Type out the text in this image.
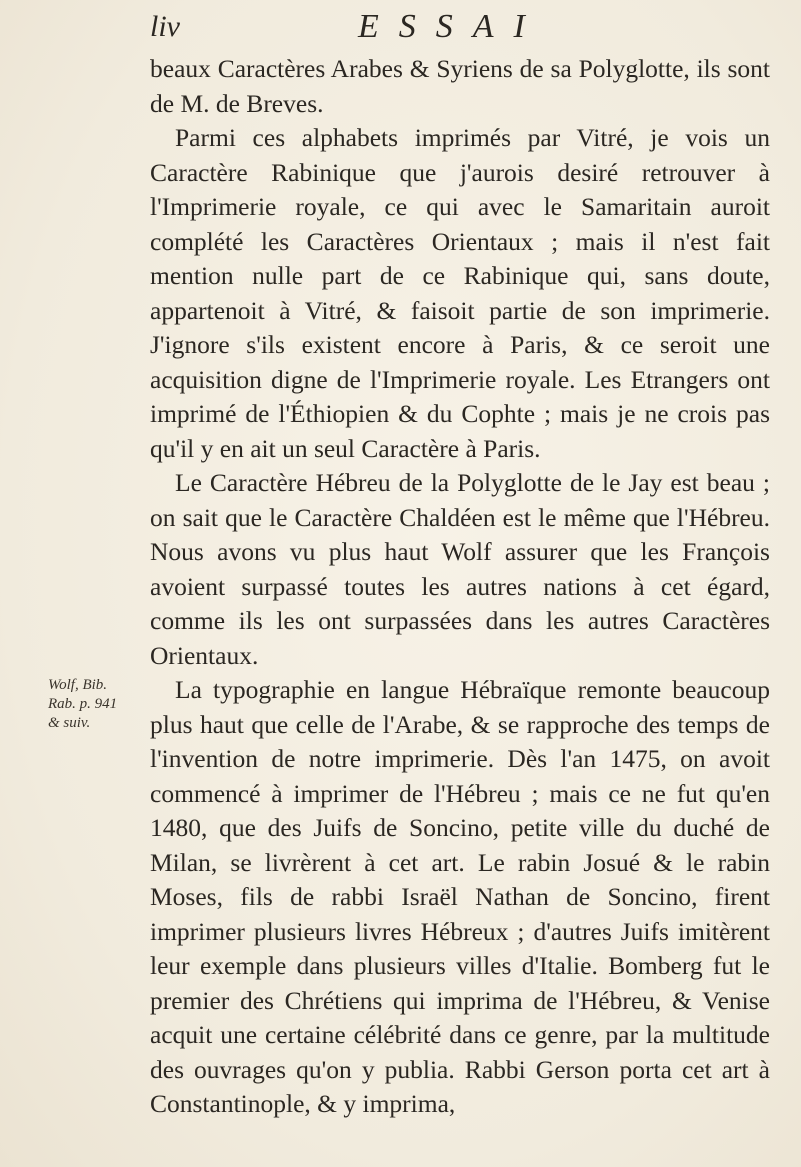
liv	ESSAI
Wolf, Bib.
Rab. p. 941
& suiv.

beaux Caractères Arabes & Syriens de sa Polyglotte, ils sont de M. de Breves.

Parmi ces alphabets imprimés par Vitré, je vois un Caractère Rabinique que j'aurois desiré retrouver à l'Imprimerie royale, ce qui avec le Samaritain auroit complété les Caractères Orientaux ; mais il n'est fait mention nulle part de ce Rabinique qui, sans doute, appartenoit à Vitré, & faisoit partie de son imprimerie. J'ignore s'ils existent encore à Paris, & ce seroit une acquisition digne de l'Imprimerie royale. Les Etrangers ont imprimé de l'Éthiopien & du Cophte ; mais je ne crois pas qu'il y en ait un seul Caractère à Paris.

Le Caractère Hébreu de la Polyglotte de le Jay est beau ; on sait que le Caractère Chaldéen est le même que l'Hébreu. Nous avons vu plus haut Wolf assurer que les François avoient surpassé toutes les autres nations à cet égard, comme ils les ont surpassées dans les autres Caractères Orientaux.

La typographie en langue Hébraïque remonte beaucoup plus haut que celle de l'Arabe, & se rapproche des temps de l'invention de notre imprimerie. Dès l'an 1475, on avoit commencé à imprimer de l'Hébreu ; mais ce ne fut qu'en 1480, que des Juifs de Soncino, petite ville du duché de Milan, se livrèrent à cet art. Le rabin Josué & le rabin Moses, fils de rabbi Israël Nathan de Soncino, firent imprimer plusieurs livres Hébreux ; d'autres Juifs imitèrent leur exemple dans plusieurs villes d'Italie. Bomberg fut le premier des Chrétiens qui imprima de l'Hébreu, & Venise acquit une certaine célébrité dans ce genre, par la multitude des ouvrages qu'on y publia. Rabbi Gerson porta cet art à Constantinople, & y imprima,
